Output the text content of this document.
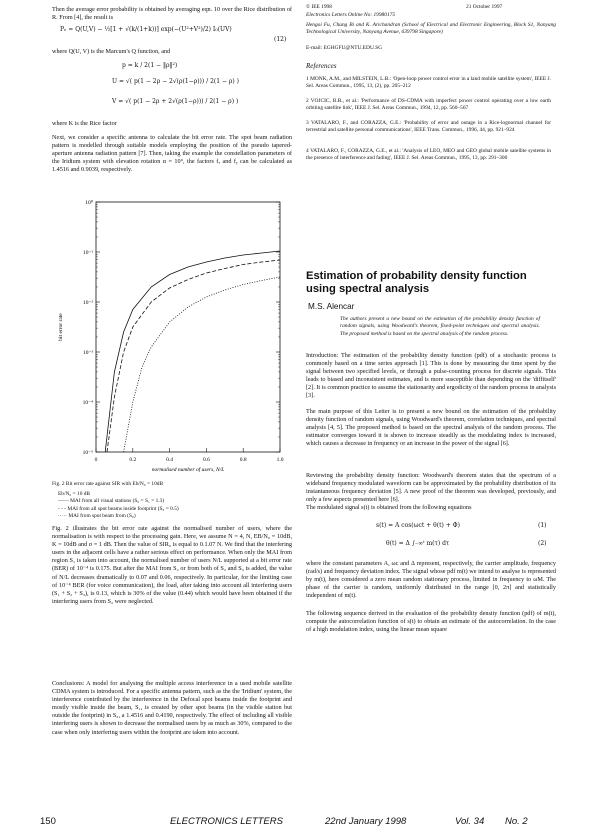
Then the average error probability is obtained by averaging eqn. 10 over the Rice distribution of R. From [4], the result is

Pₑ ≈ Q(U,V) − ½[1 + √(k/(1+k))] exp(−(U²+V²)/2) I₀(UV)
(12)

where Q(U, V) is the Marcum's Q function, and

p = k / 2(1 − ‖ρ‖²)
U = √( p(1 − 2ρ − 2√(ρ(1−ρ))) / 2(1 − ρ) )
V = √( p(1 − 2ρ + 2√(ρ(1−ρ))) / 2(1 − ρ) )

where K is the Rice factor

Next, we consider a specific antenna to calculate the bit error rate. The spot beam radiation pattern is modelled through suitable models employing the position of the pseudo tapered-aperture antenna radiation pattern [7]. Then, taking the example the constellation parameters of the Iridium system with elevation rotation α = 10°, the factors fₓ and fᵧ can be calculated as 1.4516 and 0.9039, respectively.

10⁰
10⁻¹
10⁻²
10⁻³
10⁻⁴
10⁻⁵
0	0.2	0.4	0.6	0.8	1.0
normalised number of users, N/L
bit error rate

Fig. 2 Bit error rate against SIR with Eb/N₀ = 10dB

Eb/N₀ = 10 dB
—— MAI from all visual stations (S₀ = S₁ = 1.3)
- - - MAI from all spot beams inside footprint (S₀ = 0.5)
····· MAI from spot beam from (S₀)

Fig. 2 illustrates the bit error rate against the normalised number of users, where the normalisation is with respect to the processing gain. Here, we assume N = 4, N, EB/N₀ = 10dB, K = 10dB and σ = 1 dB. Then the value of SIR₀ is equal to 0.1.07 N. We find that the interfering users in the adjacent cells have a rather serious effect on performance. When only the MAI from region S₁ is taken into account, the normalised number of users N/L supported at a bit error rate (BER) of 10⁻⁴ is 0.175. But after the MAI from S₂ or from both of S₂ and S₃ is added, the value of N/L decreases dramatically to 0.07 and 0.06, respectively. In particular, for the limiting case of 10⁻⁴ BER (for voice communication), the load, after taking into account all interfering users (S₁ + S₂ + S₃), is 0.13, which is 30% of the value (0.44) which would have been obtained if the interfering users from S₂ were neglected.

Conclusions: A model for analysing the multiple access interference in a used mobile satellite CDMA system is introduced. For a specific antenna pattern, such as the the 'Iridium' system, the interference contributed by the interference in the Defocal spot beams inside the footprint and mostly visible inside the beam, S₁, is created by other spot beams (in the visible station but outside the footprint) in S₂, a 1.4516 and 0.4190, respectively. The effect of including all visible interfering users is shown to decrease the normalised users by as much as 30%, compared to the case when only interfering users within the footprint are taken into account.

© IEE 1998	21 October 1997
Electronics Letters Online No: 19980175

Hengoi Fu, Chung Bi and K. Arichandran (School of Electrical and Electronic Engineering, Block S1, Nanyang Technological University, Nanyang Avenue, 639798 Singapore)

E-mail: EGHGFU@NTU.EDU.SG
References

1 MONK, A.M., and MILSTEIN, L.B.: 'Open-loop power control error in a land mobile satellite system', IEEE J. Sel. Areas Commun., 1995, 13, (2), pp. 205–212

2 VOJCIC, B.R., et al.: 'Performance of DS-CDMA with imperfect power control operating over a low earth orbiting satellite link', IEEE J. Sel. Areas Commun., 1994, 12, pp. 560–567

3 VATALARO, F., and CORAZZA, G.E.: 'Probability of error and outage in a Rice-lognormal channel for terrestrial and satellite personal communications', IEEE Trans. Commun., 1996, 44, pp. 921–924

4 VATALARO, F., CORAZZA, G.E., et al.: 'Analysis of LEO, MEO and GEO global mobile satellite systems in the presence of interference and fading', IEEE J. Sel. Areas Commun., 1995, 13, pp. 291–300

Estimation of probability density function using spectral analysis
M.S. Alencar

The authors present a new bound on the estimation of the probability density function of random signals, using Woodward's theorem, fixed-point techniques and spectral analysis. The proposed method is based on the spectral analysis of the random process.

Introduction: The estimation of the probability density function (pdf) of a stochastic process is commonly based on a time series approach [1]. This is done by measuring the time spent by the signal between two specified levels, or through a pulse-counting process for discrete signals. This leads to biased and inconsistent estimates, and is more susceptible than depending on the 'diffitself' [2]. It is common practice to assume the stationarity and ergodicity of the random process in analysis [3].

The main purpose of this Letter is to present a new bound on the estimation of the probability density function of random signals, using Woodward's theorem, correlation techniques, and spectral analysis [4, 5]. The proposed method is based on the spectral analysis of the random process. The estimator converges toward it is shown to increase steadily as the modulating index is increased, which causes a decrease in frequency or an increase in the power of the signal [6].

Reviewing the probability density function: Woodward's theorem states that the spectrum of a wideband frequency modulated waveform can be approximated by the probability distribution of its instantaneous frequency deviation [5]. A new proof of the theorem was developed, previously, and only a few aspects presented here [6].

The modulated signal s(t) is obtained from the following equations

s(t) = A cos(ωct + θ(t) + Φ)	(1)
θ(t) = Δ ∫₋∞ᵗ m(τ) dτ	(2)

where the constant parameters A, ωc and Δ represent, respectively, the carrier amplitude, frequency (rad/s) and frequency deviation index. The signal whose pdf m(t) we intend to analyse is represented by m(t), here considered a zero mean random stationary process, limited in frequency to ωM. The phase of the carrier is random, uniformly distributed in the range [0, 2π] and statistically independent of m(t).

The following sequence derived in the evaluation of the probability density function (pdf) of m(t), compute the autocorrelation function of s(t) to obtain an estimate of the autocorrelation. In the case of a high modulation index, using the linear mean square

150	ELECTRONICS LETTERS	22nd January 1998	Vol. 34 No. 2
